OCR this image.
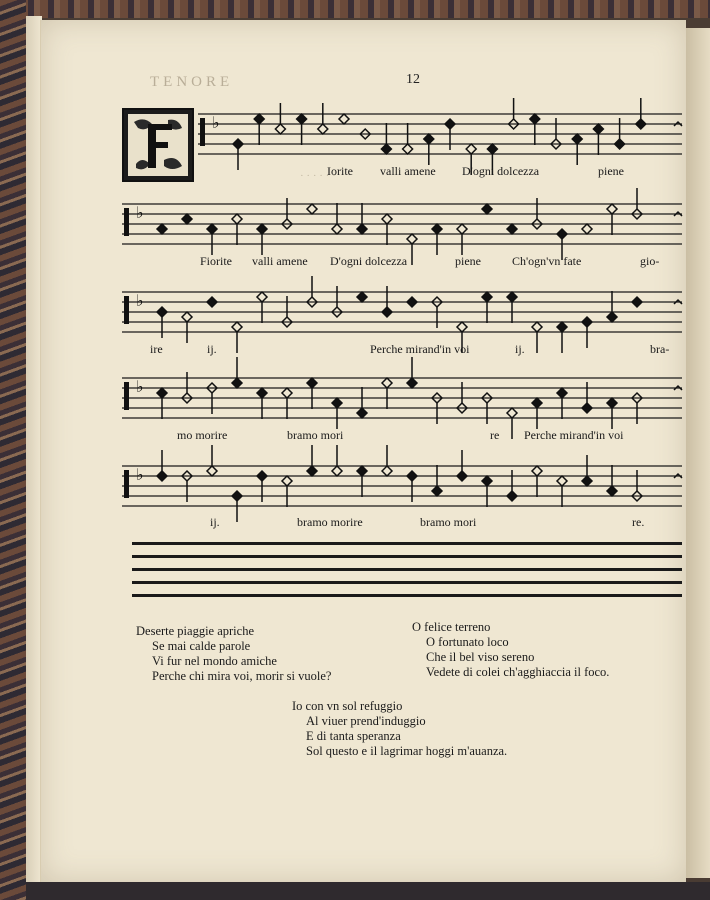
TENORE	12
· · · · · ·
♭
Iorite valli amene D'ogni dolcezza	piene
♭
Fiorite valli amene D'ogni dolcezza	piene	Ch'ogn'vn fate	gio-
♭
ire	ij.	Perche mirand'in voi	ij.	bra-
♭
mo morire	bramo mori	re Perche mirand'in voi
♭
ij.	bramo morire	bramo mori	re.
Deserte piaggie apriche
Se mai calde parole
Vi fur nel mondo amiche
Perche chi mira voi, morir si vuole?
O felice terreno
O fortunato loco
Che il bel viso sereno
Vedete di colei ch'agghiaccia il foco.
Io con vn sol refuggio
Al viuer prend'induggio
E di tanta speranza
Sol questo e il lagrimar hoggi m'auanza.
